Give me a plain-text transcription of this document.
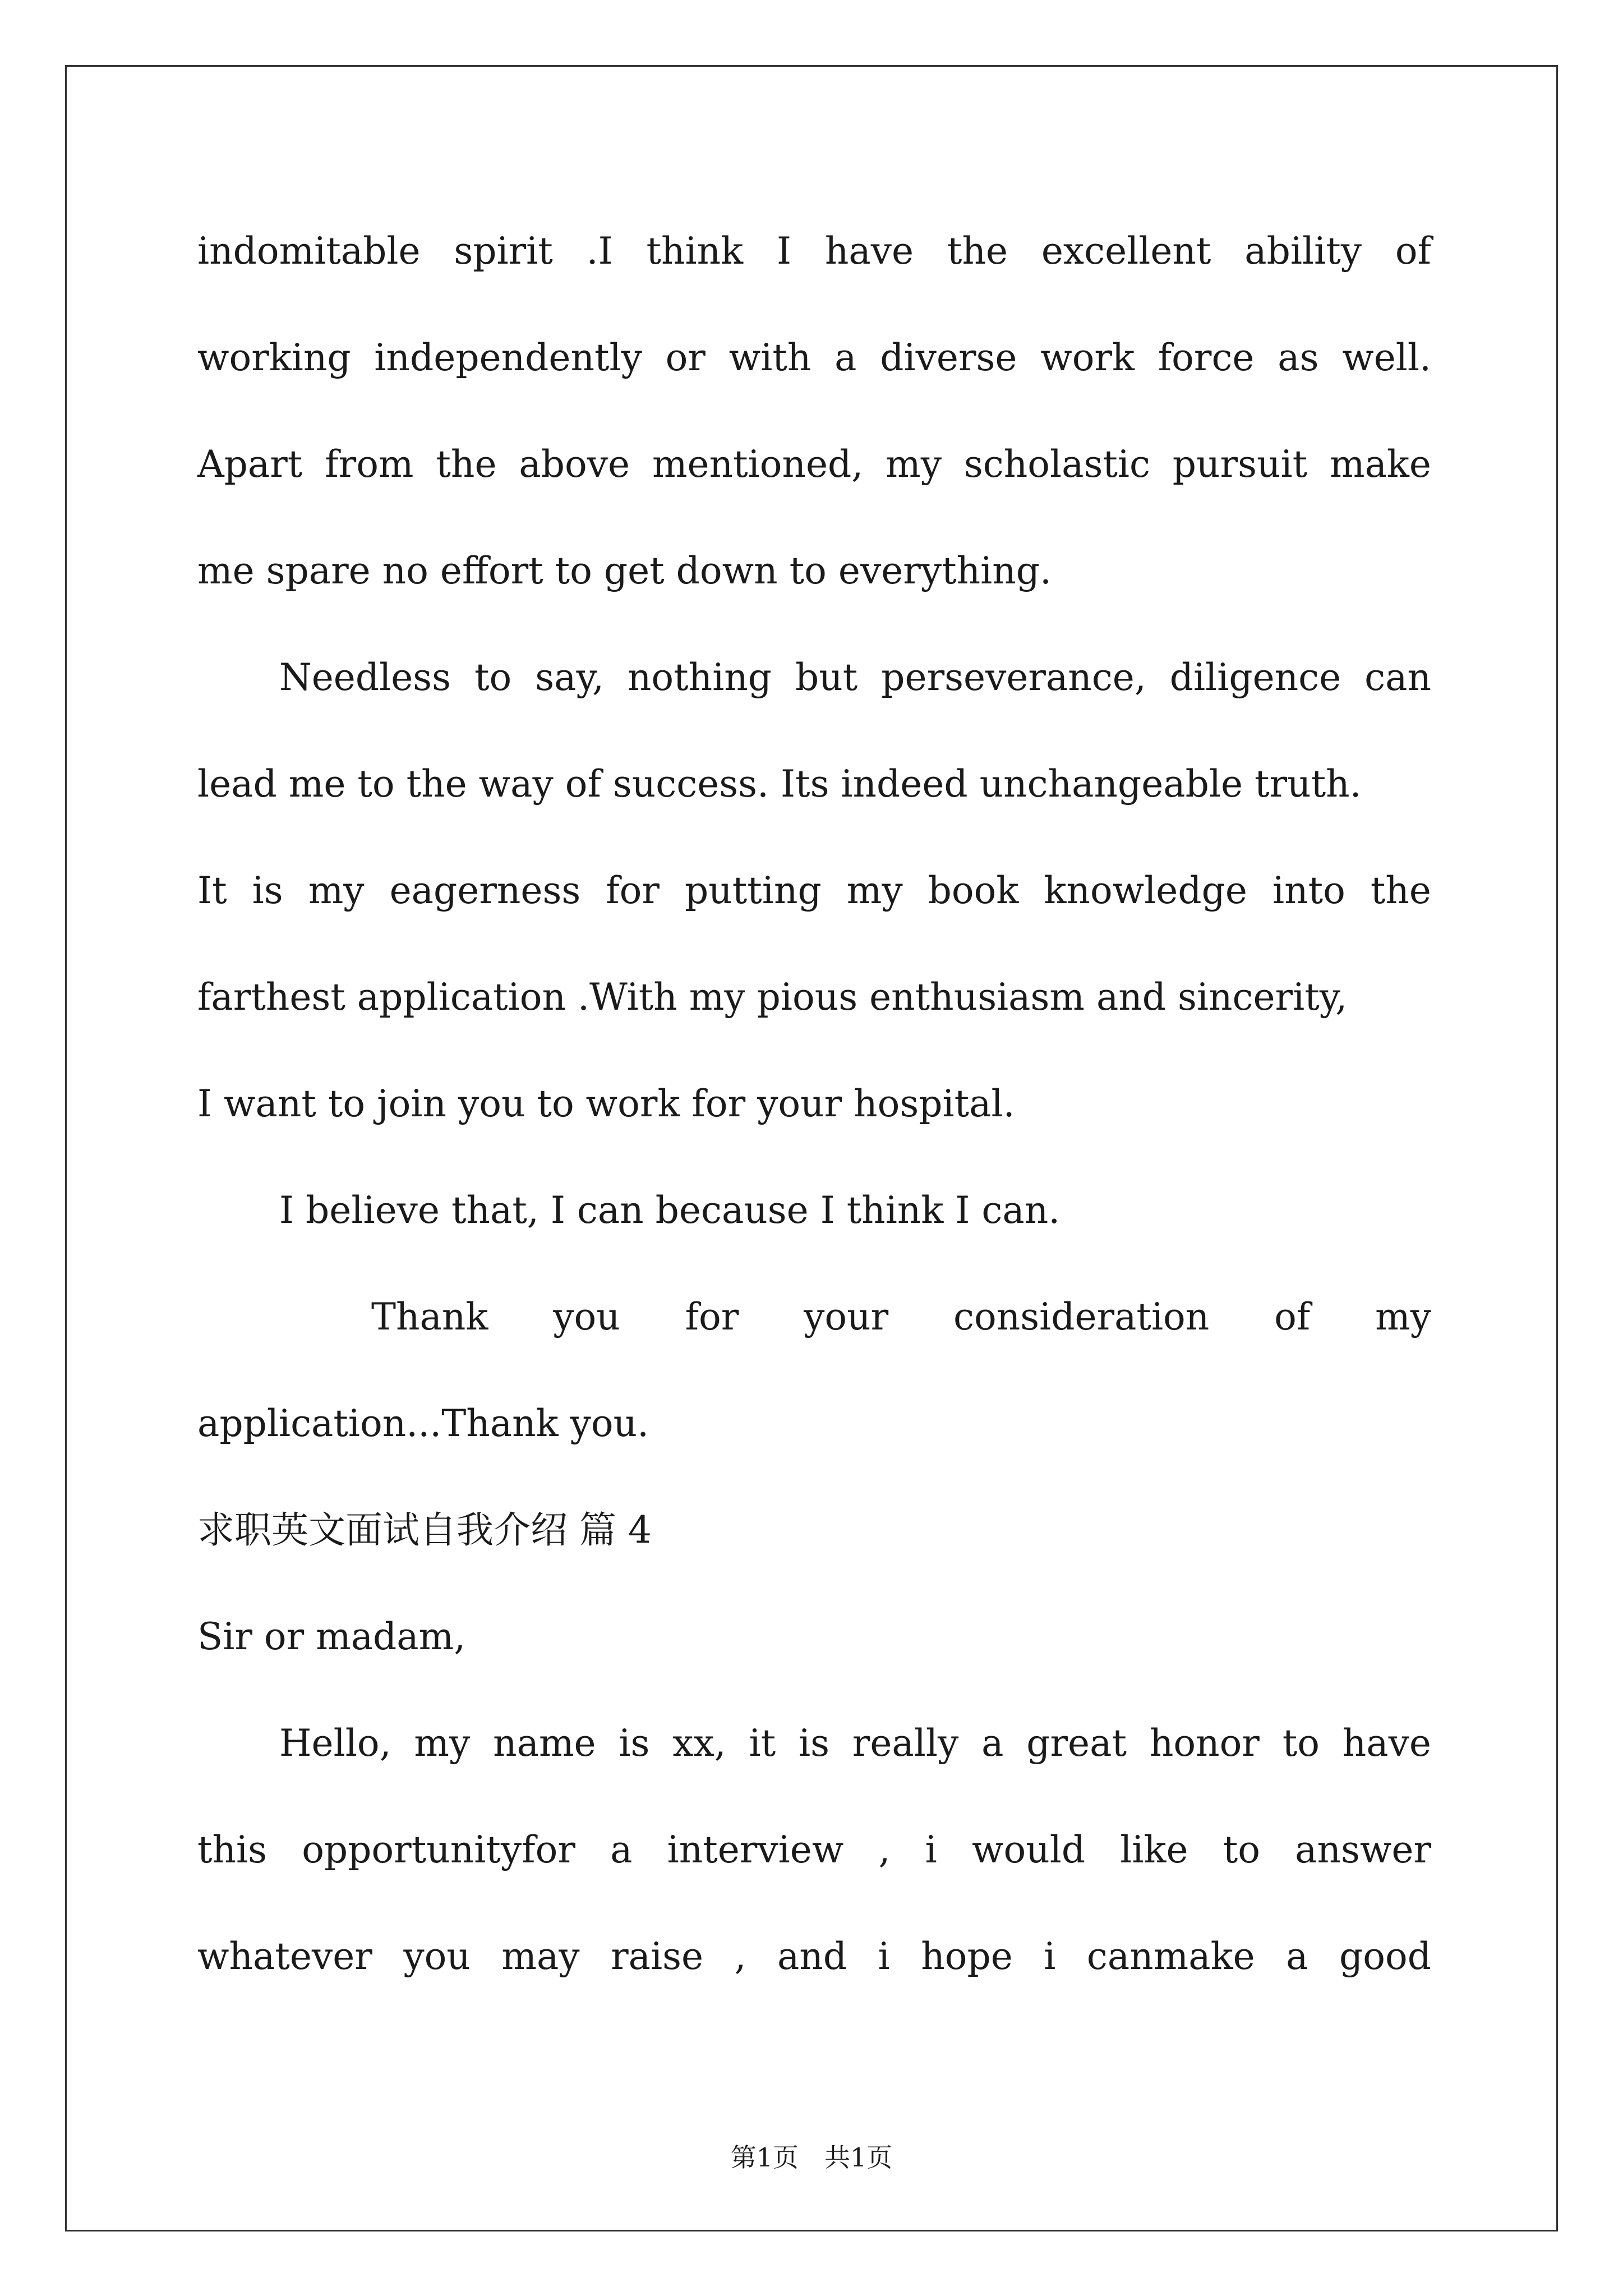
indomitable spirit .I think I have the excellent ability of
working independently or with a diverse work force as well.
Apart from the above mentioned, my scholastic pursuit make
me spare no effort to get down to everything.
Needless to say, nothing but perseverance, diligence can
lead me to the way of success. Its indeed unchangeable truth.
It is my eagerness for putting my book knowledge into the
farthest application .With my pious enthusiasm and sincerity,
I want to join you to work for your hospital.
I believe that, I can because I think I can.
Thank you for your consideration of my
application...Thank you.
求职英文面试自我介绍 篇 4
Sir or madam,
Hello, my name is xx, it is really a great honor to have
this opportunityfor a interview , i would like to answer
whatever you may raise , and i hope i canmake a good
第1页　共1页
